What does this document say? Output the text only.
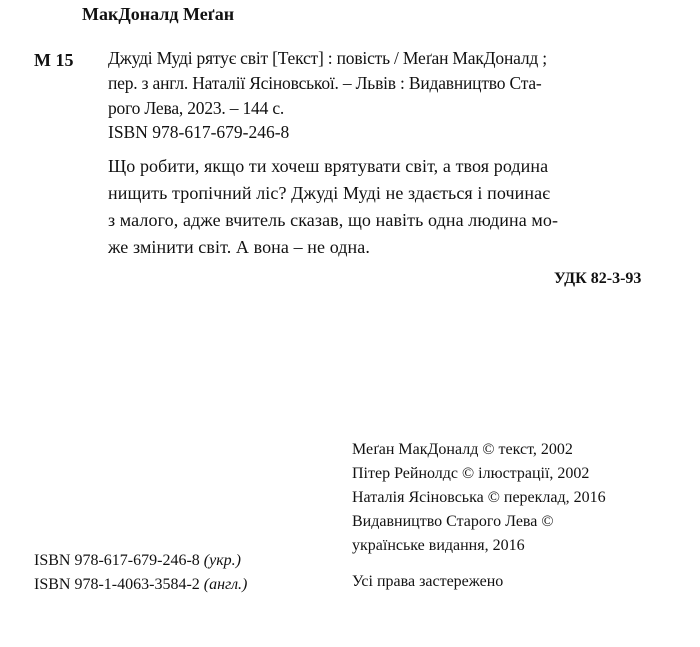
МакДоналд Меґан
М 15 Джуді Муді рятує світ [Текст] : повість / Меґан МакДоналд ;
пер. з англ. Наталії Ясіновської. – Львів : Видавництво Ста-
рого Лева, 2023. – 144 с.
ISBN 978-617-679-246-8
Що робити, якщо ти хочеш врятувати світ, а твоя родина
нищить тропічний ліс? Джуді Муді не здається і починає
з малого, адже вчитель сказав, що навіть одна людина мо-
же змінити світ. А вона – не одна.
УДК 82-3-93
Меґан МакДоналд © текст, 2002
Пітер Рейнолдс © ілюстрації, 2002
Наталія Ясіновська © переклад, 2016
Видавництво Старого Лева ©
українське видання, 2016
ISBN 978-617-679-246-8 (укр.)
ISBN 978-1-4063-3584-2 (англ.)	Усі права застережено
